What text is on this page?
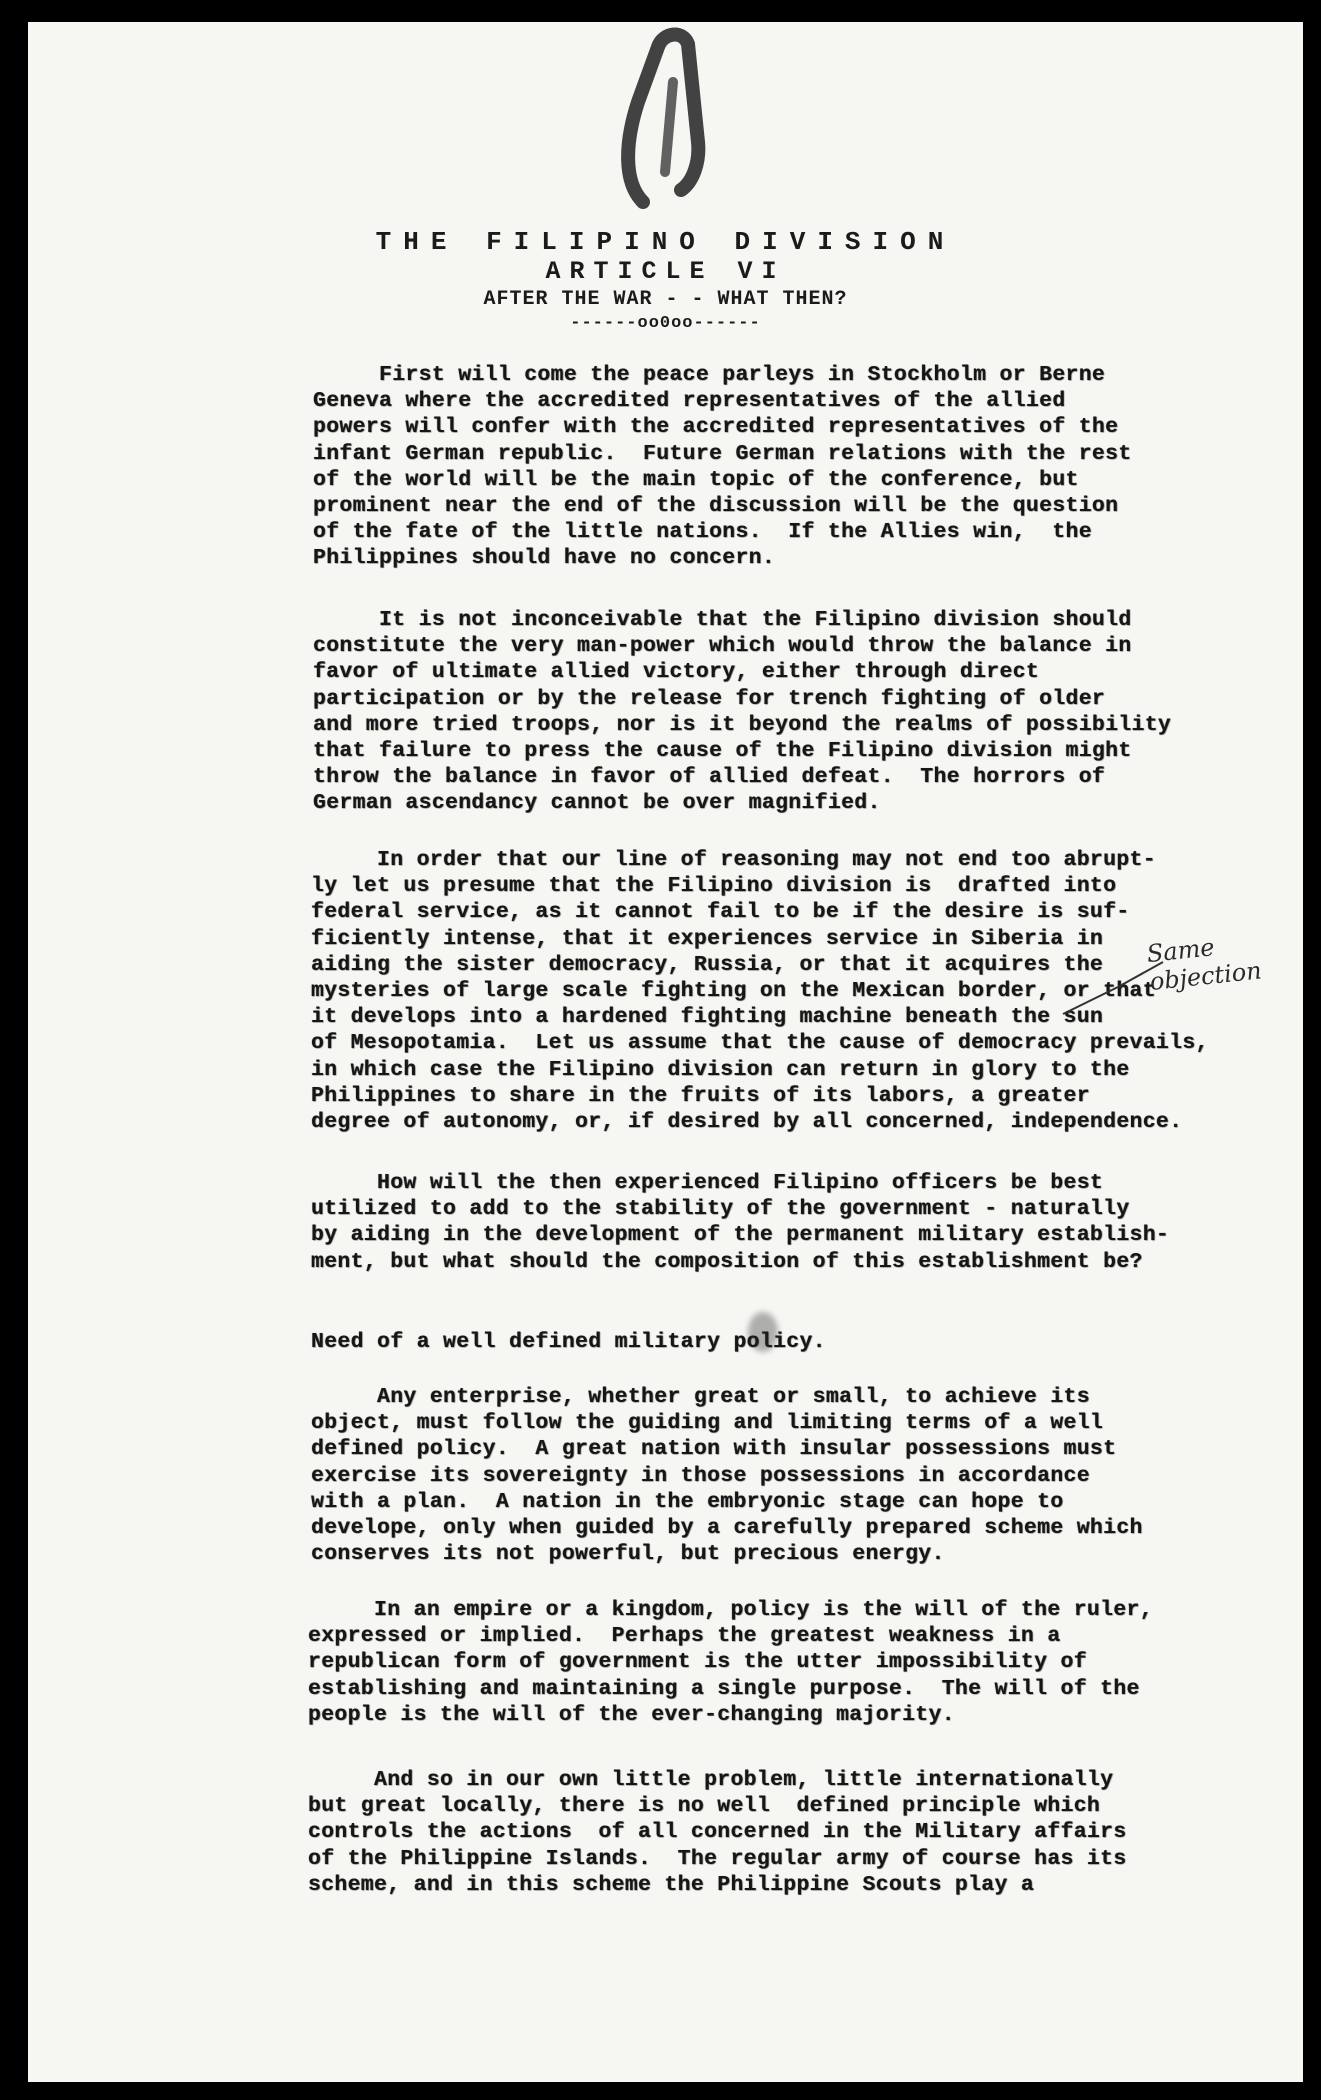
THE FILIPINO DIVISION
ARTICLE VI
AFTER THE WAR - - WHAT THEN?
------oo0oo------
First will come the peace parleys in Stockholm or Berne
Geneva where the accredited representatives of the allied
powers will confer with the accredited representatives of the
infant German republic.  Future German relations with the rest
of the world will be the main topic of the conference, but
prominent near the end of the discussion will be the question
of the fate of the little nations.  If the Allies win,  the
Philippines should have no concern.
It is not inconceivable that the Filipino division should
constitute the very man-power which would throw the balance in
favor of ultimate allied victory, either through direct
participation or by the release for trench fighting of older
and more tried troops, nor is it beyond the realms of possibility
that failure to press the cause of the Filipino division might
throw the balance in favor of allied defeat.  The horrors of
German ascendancy cannot be over magnified.
In order that our line of reasoning may not end too abrupt-
ly let us presume that the Filipino division is  drafted into
federal service, as it cannot fail to be if the desire is suf-
ficiently intense, that it experiences service in Siberia in
aiding the sister democracy, Russia, or that it acquires the
mysteries of large scale fighting on the Mexican border, or that
it develops into a hardened fighting machine beneath the sun
of Mesopotamia.  Let us assume that the cause of democracy prevails,
in which case the Filipino division can return in glory to the
Philippines to share in the fruits of its labors, a greater
degree of autonomy, or, if desired by all concerned, independence.
How will the then experienced Filipino officers be best
utilized to add to the stability of the government - naturally
by aiding in the development of the permanent military establish-
ment, but what should the composition of this establishment be?
Need of a well defined military policy.
Any enterprise, whether great or small, to achieve its
object, must follow the guiding and limiting terms of a well
defined policy.  A great nation with insular possessions must
exercise its sovereignty in those possessions in accordance
with a plan.  A nation in the embryonic stage can hope to
develope, only when guided by a carefully prepared scheme which
conserves its not powerful, but precious energy.
In an empire or a kingdom, policy is the will of the ruler,
expressed or implied.  Perhaps the greatest weakness in a
republican form of government is the utter impossibility of
establishing and maintaining a single purpose.  The will of the
people is the will of the ever-changing majority.
And so in our own little problem, little internationally
but great locally, there is no well  defined principle which
controls the actions  of all concerned in the Military affairs
of the Philippine Islands.  The regular army of course has its
scheme, and in this scheme the Philippine Scouts play a
Same objection
